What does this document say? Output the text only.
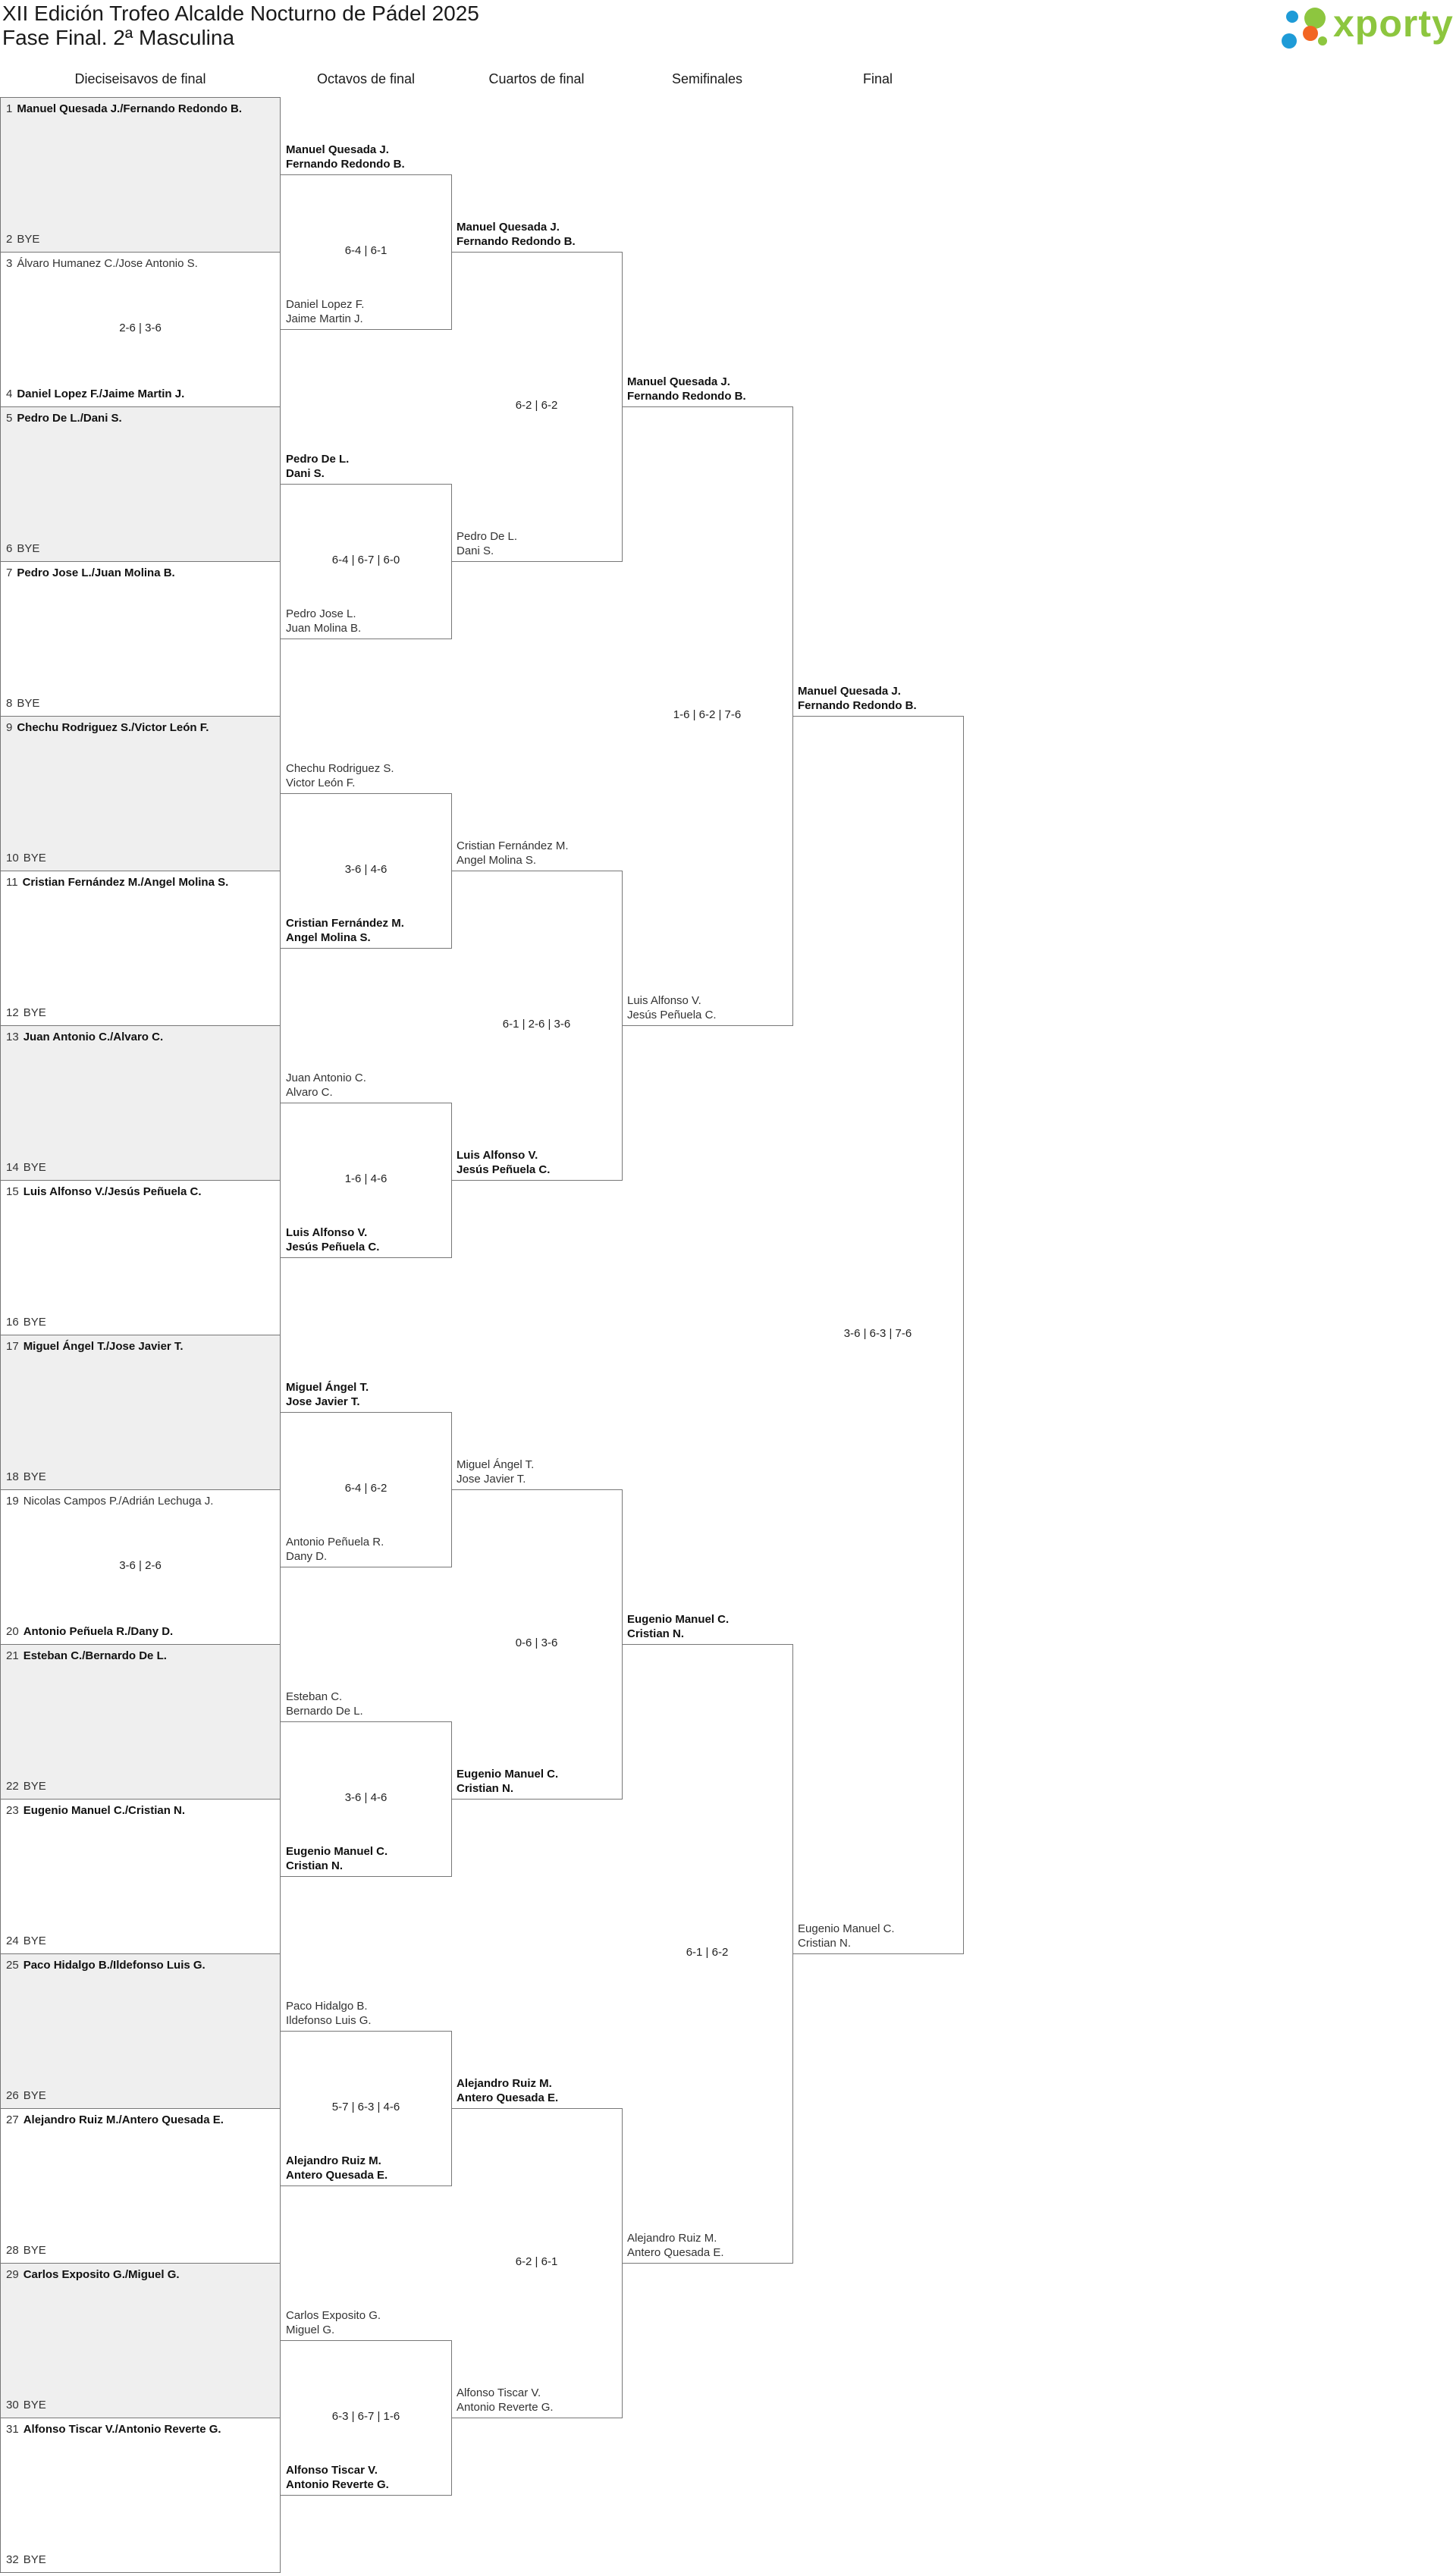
XII Edición Trofeo Alcalde Nocturno de Pádel 2025
Fase Final. 2ª Masculina	xporty
Dieciseisavos de final	Octavos de final	Cuartos de final	Semifinales	Final
1 Manuel Quesada J./Fernando Redondo B.
2 BYE
3 Álvaro Humanez C./Jose Antonio S.
4 Daniel Lopez F./Jaime Martin J.
2-6 | 3-6
5 Pedro De L./Dani S.
6 BYE
7 Pedro Jose L./Juan Molina B.
8 BYE
9 Chechu Rodriguez S./Victor León F.
10 BYE
11 Cristian Fernández M./Angel Molina S.
12 BYE
13 Juan Antonio C./Alvaro C.
14 BYE
15 Luis Alfonso V./Jesús Peñuela C.
16 BYE
17 Miguel Ángel T./Jose Javier T.
18 BYE
19 Nicolas Campos P./Adrián Lechuga J.
20 Antonio Peñuela R./Dany D.
3-6 | 2-6
21 Esteban C./Bernardo De L.
22 BYE
23 Eugenio Manuel C./Cristian N.
24 BYE
25 Paco Hidalgo B./Ildefonso Luis G.
26 BYE
27 Alejandro Ruiz M./Antero Quesada E.
28 BYE
29 Carlos Exposito G./Miguel G.
30 BYE
31 Alfonso Tiscar V./Antonio Reverte G.
32 BYE
Manuel Quesada J.
Fernando Redondo B.
Daniel Lopez F.
Jaime Martin J.
6-4 | 6-1
Pedro De L.
Dani S.
Pedro Jose L.
Juan Molina B.
6-4 | 6-7 | 6-0
Chechu Rodriguez S.
Victor León F.
Cristian Fernández M.
Angel Molina S.
3-6 | 4-6
Juan Antonio C.
Alvaro C.
Luis Alfonso V.
Jesús Peñuela C.
1-6 | 4-6
Miguel Ángel T.
Jose Javier T.
Antonio Peñuela R.
Dany D.
6-4 | 6-2
Esteban C.
Bernardo De L.
Eugenio Manuel C.
Cristian N.
3-6 | 4-6
Paco Hidalgo B.
Ildefonso Luis G.
Alejandro Ruiz M.
Antero Quesada E.
5-7 | 6-3 | 4-6
Carlos Exposito G.
Miguel G.
Alfonso Tiscar V.
Antonio Reverte G.
6-3 | 6-7 | 1-6
Manuel Quesada J.
Fernando Redondo B.
Pedro De L.
Dani S.
6-2 | 6-2
Cristian Fernández M.
Angel Molina S.
Luis Alfonso V.
Jesús Peñuela C.
6-1 | 2-6 | 3-6
Miguel Ángel T.
Jose Javier T.
Eugenio Manuel C.
Cristian N.
0-6 | 3-6
Alejandro Ruiz M.
Antero Quesada E.
Alfonso Tiscar V.
Antonio Reverte G.
6-2 | 6-1
Manuel Quesada J.
Fernando Redondo B.
Luis Alfonso V.
Jesús Peñuela C.
1-6 | 6-2 | 7-6
Eugenio Manuel C.
Cristian N.
Alejandro Ruiz M.
Antero Quesada E.
6-1 | 6-2
Manuel Quesada J.
Fernando Redondo B.
Eugenio Manuel C.
Cristian N.
3-6 | 6-3 | 7-6
